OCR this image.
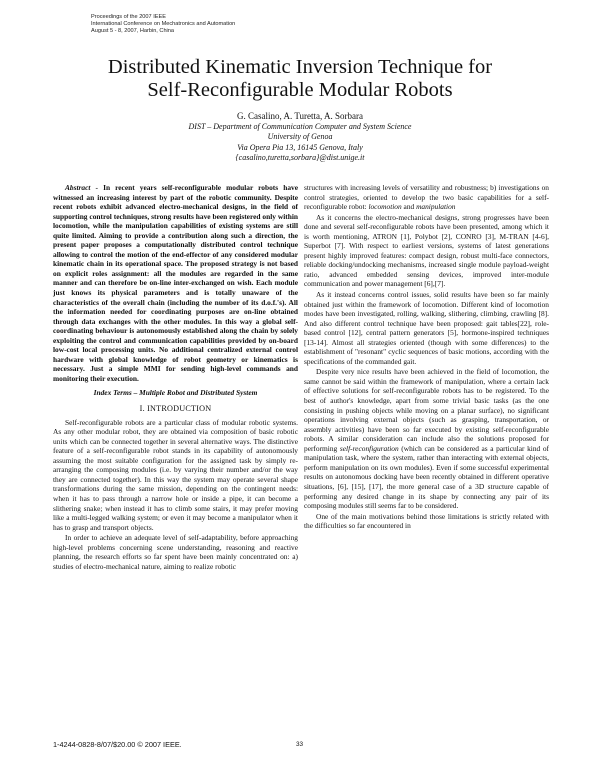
Proceedings of the 2007 IEEE
International Conference on Mechatronics and Automation
August 5 - 8, 2007, Harbin, China
Distributed Kinematic Inversion Technique for
Self-Reconfigurable Modular Robots
G. Casalino, A. Turetta, A. Sorbara
DIST – Department of Communication Computer and System Science
University of Genoa
Via Opera Pia 13, 16145 Genova, Italy
{casalino,turetta,sorbara}@dist.unige.it

Abstract - In recent years self-reconfigurable modular robots have witnessed an increasing interest by part of the robotic community. Despite recent robots exhibit advanced electro-mechanical designs, in the field of supporting control techniques, strong results have been registered only within locomotion, while the manipulation capabilities of existing systems are still quite limited. Aiming to provide a contribution along such a direction, the present paper proposes a computationally distributed control technique allowing to control the motion of the end-effector of any considered modular kinematic chain in its operational space. The proposed strategy is not based on explicit roles assignment: all the modules are regarded in the same manner and can therefore be on-line inter-exchanged on wish. Each module just knows its physical parameters and is totally unaware of the characteristics of the overall chain (including the number of its d.o.f.'s). All the information needed for coordinating purposes are on-line obtained through data exchanges with the other modules. In this way a global self-coordinating behaviour is autonomously established along the chain by solely exploiting the control and communication capabilities provided by on-board low-cost local processing units. No additional centralized external control hardware with global knowledge of robot geometry or kinematics is necessary. Just a simple MMI for sending high-level commands and monitoring their execution.

Index Terms – Multiple Robot and Distributed System

I. INTRODUCTION

Self-reconfigurable robots are a particular class of modular robotic systems. As any other modular robot, they are obtained via composition of basic robotic units which can be connected together in several alternative ways. The distinctive feature of a self-reconfigurable robot stands in its capability of autonomously assuming the most suitable configuration for the assigned task by simply re-arranging the composing modules (i.e. by varying their number and/or the way they are connected together). In this way the system may operate several shape transformations during the same mission, depending on the contingent needs: when it has to pass through a narrow hole or inside a pipe, it can become a slithering snake; when instead it has to climb some stairs, it may prefer moving like a multi-legged walking system; or even it may become a manipulator when it has to grasp and transport objects.

In order to achieve an adequate level of self-adaptability, before approaching high-level problems concerning scene understanding, reasoning and reactive planning, the research efforts so far spent have been mainly concentrated on: a) studies of electro-mechanical nature, aiming to realize robotic

structures with increasing levels of versatility and robustness; b) investigations on control strategies, oriented to develop the two basic capabilities for a self-reconfigurable robot: locomotion and manipulation

As it concerns the electro-mechanical designs, strong progresses have been done and several self-reconfigurable robots have been presented, among which it is worth mentioning, ATRON [1], Polybot [2], CONRO [3], M-TRAN [4-6], Superbot [7]. With respect to earliest versions, systems of latest generations present highly improved features: compact design, robust multi-face connectors, reliable docking/undocking mechanisms, increased single module payload-weight ratio, advanced embedded sensing devices, improved inter-module communication and power management [6],[7].

As it instead concerns control issues, solid results have been so far mainly obtained just within the framework of locomotion. Different kind of locomotion modes have been investigated, rolling, walking, slithering, climbing, crawling [8]. And also different control technique have been proposed: gait tables[22], role-based control [12], central pattern generators [5], hormone-inspired techniques [13-14]. Almost all strategies oriented (though with some differences) to the establishment of "resonant" cyclic sequences of basic motions, according with the specifications of the commanded gait.

Despite very nice results have been achieved in the field of locomotion, the same cannot be said within the framework of manipulation, where a certain lack of effective solutions for self-reconfigurable robots has to be registered. To the best of author's knowledge, apart from some trivial basic tasks (as the one consisting in pushing objects while moving on a planar surface), no significant operations involving external objects (such as grasping, transportation, or assembly activities) have been so far executed by existing self-reconfigurable robots. A similar consideration can include also the solutions proposed for performing self-reconfiguration (which can be considered as a particular kind of manipulation task, where the system, rather than interacting with external objects, perform manipulation on its own modules). Even if some successful experimental results on autonomous docking have been recently obtained in different operative situations, [6], [15], [17], the more general case of a 3D structure capable of performing any desired change in its shape by connecting any pair of its composing modules still seems far to be considered.

One of the main motivations behind those limitations is strictly related with the difficulties so far encountered in

1-4244-0828-8/07/$20.00 © 2007 IEEE.	33
